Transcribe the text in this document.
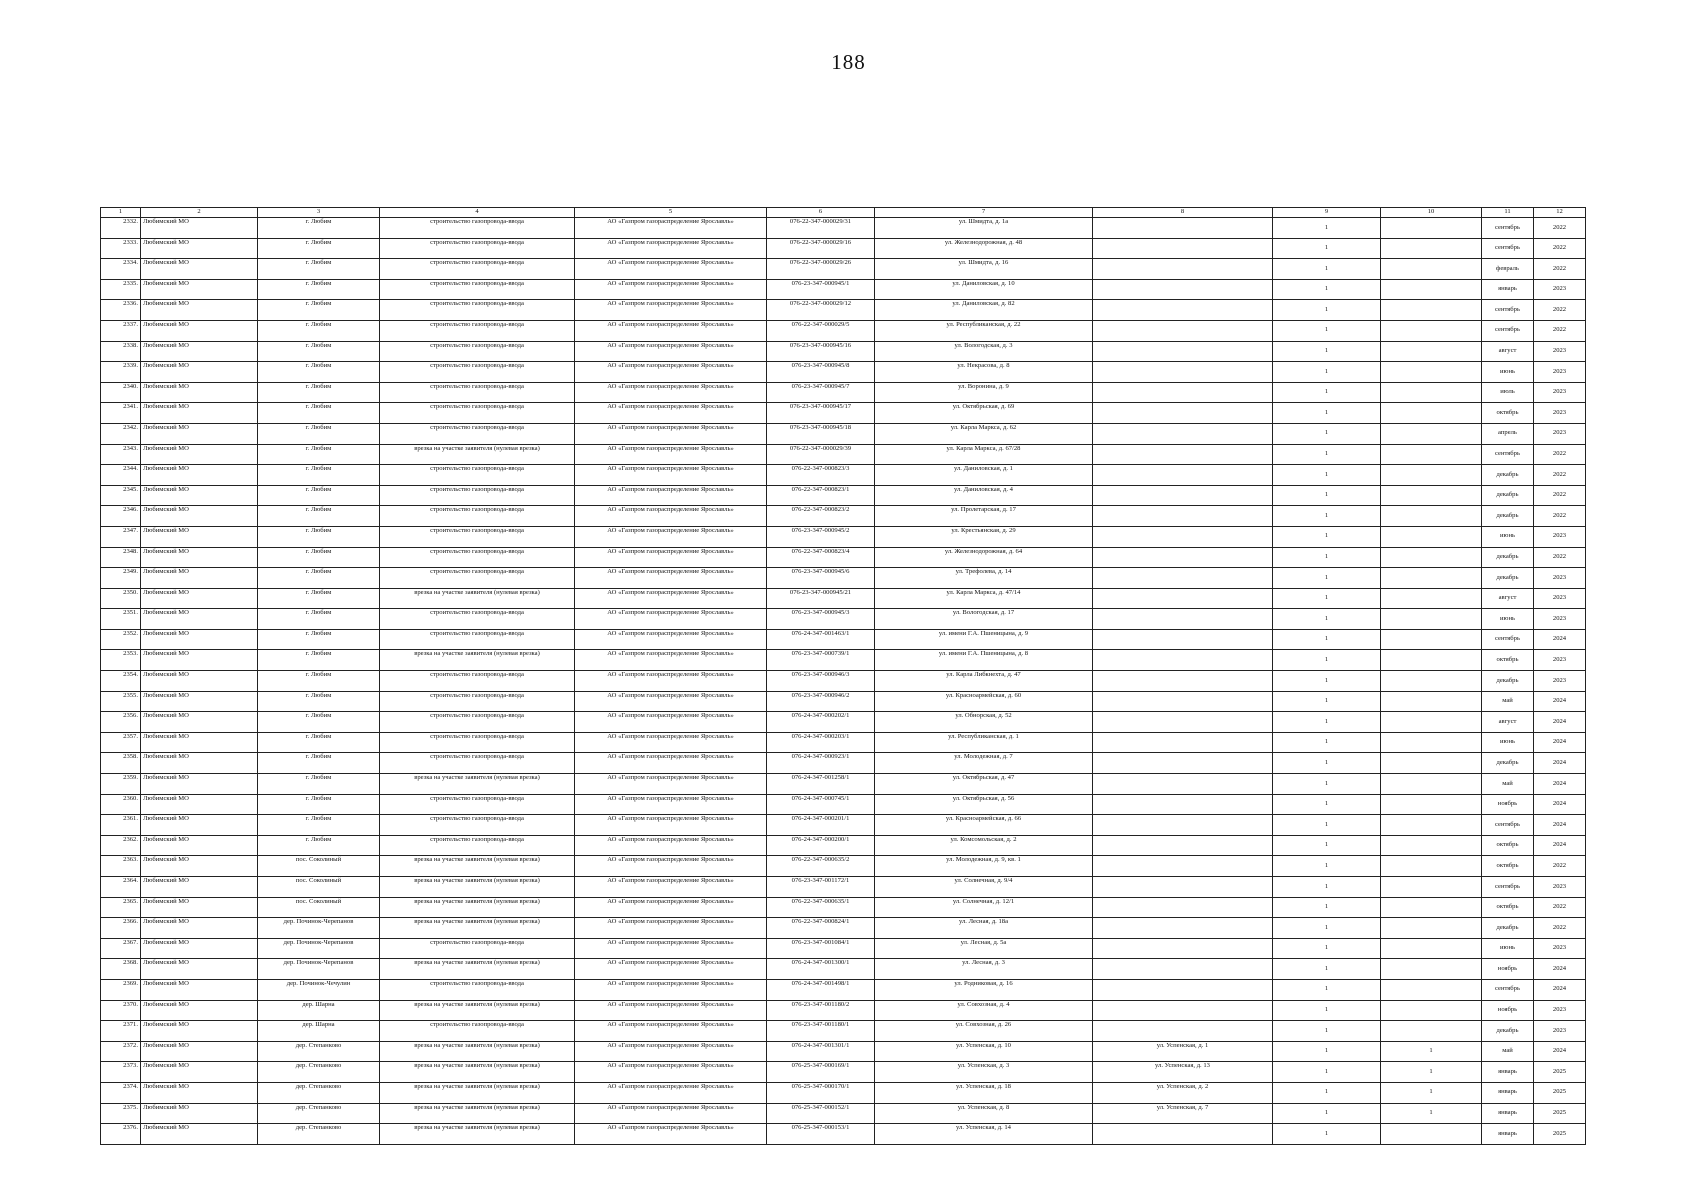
188
1	2	3	4	5	6	7	8	9	10	11	12
2332.	Любимский МО	г. Любим	строительство газопровода-ввода	АО «Газпром газораспределение Ярославль»	076-22-347-000029/31	ул. Шмидта, д. 1а		1		сентябрь	2022
2333.	Любимский МО	г. Любим	строительство газопровода-ввода	АО «Газпром газораспределение Ярославль»	076-22-347-000029/16	ул. Железнодорожная, д. 48		1		сентябрь	2022
2334.	Любимский МО	г. Любим	строительство газопровода-ввода	АО «Газпром газораспределение Ярославль»	076-22-347-000029/26	ул. Шмидта, д. 16		1		февраль	2022
2335.	Любимский МО	г. Любим	строительство газопровода-ввода	АО «Газпром газораспределение Ярославль»	076-23-347-000945/1	ул. Даниловская, д. 10		1		январь	2023
2336.	Любимский МО	г. Любим	строительство газопровода-ввода	АО «Газпром газораспределение Ярославль»	076-22-347-000029/12	ул. Даниловская, д. 82		1		сентябрь	2022
2337.	Любимский МО	г. Любим	строительство газопровода-ввода	АО «Газпром газораспределение Ярославль»	076-22-347-000029/5	ул. Республиканская, д. 22		1		сентябрь	2022
2338.	Любимский МО	г. Любим	строительство газопровода-ввода	АО «Газпром газораспределение Ярославль»	076-23-347-000945/16	ул. Вологодская, д. 3		1		август	2023
2339.	Любимский МО	г. Любим	строительство газопровода-ввода	АО «Газпром газораспределение Ярославль»	076-23-347-000945/8	ул. Некрасова, д. 8		1		июнь	2023
2340.	Любимский МО	г. Любим	строительство газопровода-ввода	АО «Газпром газораспределение Ярославль»	076-23-347-000945/7	ул. Воронина, д. 9		1		июль	2023
2341.	Любимский МО	г. Любим	строительство газопровода-ввода	АО «Газпром газораспределение Ярославль»	076-23-347-000945/17	ул. Октябрьская, д. 69		1		октябрь	2023
2342.	Любимский МО	г. Любим	строительство газопровода-ввода	АО «Газпром газораспределение Ярославль»	076-23-347-000945/18	ул. Карла Маркса, д. 62		1		апрель	2023
2343.	Любимский МО	г. Любим	врезка на участке заявителя (нулевая врезка)	АО «Газпром газораспределение Ярославль»	076-22-347-000029/39	ул. Карла Маркса, д. 67/28		1		сентябрь	2022
2344.	Любимский МО	г. Любим	строительство газопровода-ввода	АО «Газпром газораспределение Ярославль»	076-22-347-000823/3	ул. Даниловская, д. 1		1		декабрь	2022
2345.	Любимский МО	г. Любим	строительство газопровода-ввода	АО «Газпром газораспределение Ярославль»	076-22-347-000823/1	ул. Даниловская, д. 4		1		декабрь	2022
2346.	Любимский МО	г. Любим	строительство газопровода-ввода	АО «Газпром газораспределение Ярославль»	076-22-347-000823/2	ул. Пролетарская, д. 17		1		декабрь	2022
2347.	Любимский МО	г. Любим	строительство газопровода-ввода	АО «Газпром газораспределение Ярославль»	076-23-347-000945/2	ул. Крестьянская, д. 29		1		июнь	2023
2348.	Любимский МО	г. Любим	строительство газопровода-ввода	АО «Газпром газораспределение Ярославль»	076-22-347-000823/4	ул. Железнодорожная, д. 64		1		декабрь	2022
2349.	Любимский МО	г. Любим	строительство газопровода-ввода	АО «Газпром газораспределение Ярославль»	076-23-347-000945/6	ул. Трефолева, д. 14		1		декабрь	2023
2350.	Любимский МО	г. Любим	врезка на участке заявителя (нулевая врезка)	АО «Газпром газораспределение Ярославль»	076-23-347-000945/21	ул. Карла Маркса, д. 47/14		1		август	2023
2351.	Любимский МО	г. Любим	строительство газопровода-ввода	АО «Газпром газораспределение Ярославль»	076-23-347-000945/3	ул. Вологодская, д. 17		1		июнь	2023
2352.	Любимский МО	г. Любим	строительство газопровода-ввода	АО «Газпром газораспределение Ярославль»	076-24-347-001463/1	ул. имени Г.А. Пшеницына, д. 9		1		сентябрь	2024
2353.	Любимский МО	г. Любим	врезка на участке заявителя (нулевая врезка)	АО «Газпром газораспределение Ярославль»	076-23-347-000739/1	ул. имени Г.А. Пшеницына, д. 8		1		октябрь	2023
2354.	Любимский МО	г. Любим	строительство газопровода-ввода	АО «Газпром газораспределение Ярославль»	076-23-347-000946/3	ул. Карла Либкнехта, д. 47		1		декабрь	2023
2355.	Любимский МО	г. Любим	строительство газопровода-ввода	АО «Газпром газораспределение Ярославль»	076-23-347-000946/2	ул. Красноармейская, д. 60		1		май	2024
2356.	Любимский МО	г. Любим	строительство газопровода-ввода	АО «Газпром газораспределение Ярославль»	076-24-347-000202/1	ул. Обнорская, д. 52		1		август	2024
2357.	Любимский МО	г. Любим	строительство газопровода-ввода	АО «Газпром газораспределение Ярославль»	076-24-347-000203/1	ул. Республиканская, д. 1		1		июнь	2024
2358.	Любимский МО	г. Любим	строительство газопровода-ввода	АО «Газпром газораспределение Ярославль»	076-24-347-000923/1	ул. Молодежная, д. 7		1		декабрь	2024
2359.	Любимский МО	г. Любим	врезка на участке заявителя (нулевая врезка)	АО «Газпром газораспределение Ярославль»	076-24-347-001258/1	ул. Октябрьская, д. 47		1		май	2024
2360.	Любимский МО	г. Любим	строительство газопровода-ввода	АО «Газпром газораспределение Ярославль»	076-24-347-000745/1	ул. Октябрьская, д. 56		1		ноябрь	2024
2361.	Любимский МО	г. Любим	строительство газопровода-ввода	АО «Газпром газораспределение Ярославль»	076-24-347-000201/1	ул. Красноармейская, д. 66		1		сентябрь	2024
2362.	Любимский МО	г. Любим	строительство газопровода-ввода	АО «Газпром газораспределение Ярославль»	076-24-347-000200/1	ул. Комсомольская, д. 2		1		октябрь	2024
2363.	Любимский МО	пос. Соколиный	врезка на участке заявителя (нулевая врезка)	АО «Газпром газораспределение Ярославль»	076-22-347-000635/2	ул. Молодежная, д. 9, кв. 1		1		октябрь	2022
2364.	Любимский МО	пос. Соколиный	врезка на участке заявителя (нулевая врезка)	АО «Газпром газораспределение Ярославль»	076-23-347-001172/1	ул. Солнечная, д. 9/4		1		сентябрь	2023
2365.	Любимский МО	пос. Соколиный	врезка на участке заявителя (нулевая врезка)	АО «Газпром газораспределение Ярославль»	076-22-347-000635/1	ул. Солнечная, д. 12/1		1		октябрь	2022
2366.	Любимский МО	дер. Починок-Черепанов	врезка на участке заявителя (нулевая врезка)	АО «Газпром газораспределение Ярославль»	076-22-347-000824/1	ул. Лесная, д. 18а		1		декабрь	2022
2367.	Любимский МО	дер. Починок-Черепанов	строительство газопровода-ввода	АО «Газпром газораспределение Ярославль»	076-23-347-001084/1	ул. Лесная, д. 5а		1		июнь	2023
2368.	Любимский МО	дер. Починок-Черепанов	врезка на участке заявителя (нулевая врезка)	АО «Газпром газораспределение Ярославль»	076-24-347-001300/1	ул. Лесная, д. 3		1		ноябрь	2024
2369.	Любимский МО	дер. Починок-Чечулин	строительство газопровода-ввода	АО «Газпром газораспределение Ярославль»	076-24-347-001498/1	ул. Родниковая, д. 16		1		сентябрь	2024
2370.	Любимский МО	дер. Шарна	врезка на участке заявителя (нулевая врезка)	АО «Газпром газораспределение Ярославль»	076-23-347-001180/2	ул. Совхозная, д. 4		1		ноябрь	2023
2371.	Любимский МО	дер. Шарна	строительство газопровода-ввода	АО «Газпром газораспределение Ярославль»	076-23-347-001180/1	ул. Совхозная, д. 26		1		декабрь	2023
2372.	Любимский МО	дер. Степанково	врезка на участке заявителя (нулевая врезка)	АО «Газпром газораспределение Ярославль»	076-24-347-001301/1	ул. Успенская, д. 10	ул. Успенская, д. 1	1	1	май	2024
2373.	Любимский МО	дер. Степанково	врезка на участке заявителя (нулевая врезка)	АО «Газпром газораспределение Ярославль»	076-25-347-000169/1	ул. Успенская, д. 3	ул. Успенская, д. 13	1	1	январь	2025
2374.	Любимский МО	дер. Степанково	врезка на участке заявителя (нулевая врезка)	АО «Газпром газораспределение Ярославль»	076-25-347-000170/1	ул. Успенская, д. 18	ул. Успенская, д. 2	1	1	январь	2025
2375.	Любимский МО	дер. Степанково	врезка на участке заявителя (нулевая врезка)	АО «Газпром газораспределение Ярославль»	076-25-347-000152/1	ул. Успенская, д. 8	ул. Успенская, д. 7	1	1	январь	2025
2376.	Любимский МО	дер. Степанково	врезка на участке заявителя (нулевая врезка)	АО «Газпром газораспределение Ярославль»	076-25-347-000153/1	ул. Успенская, д. 14		1		январь	2025
